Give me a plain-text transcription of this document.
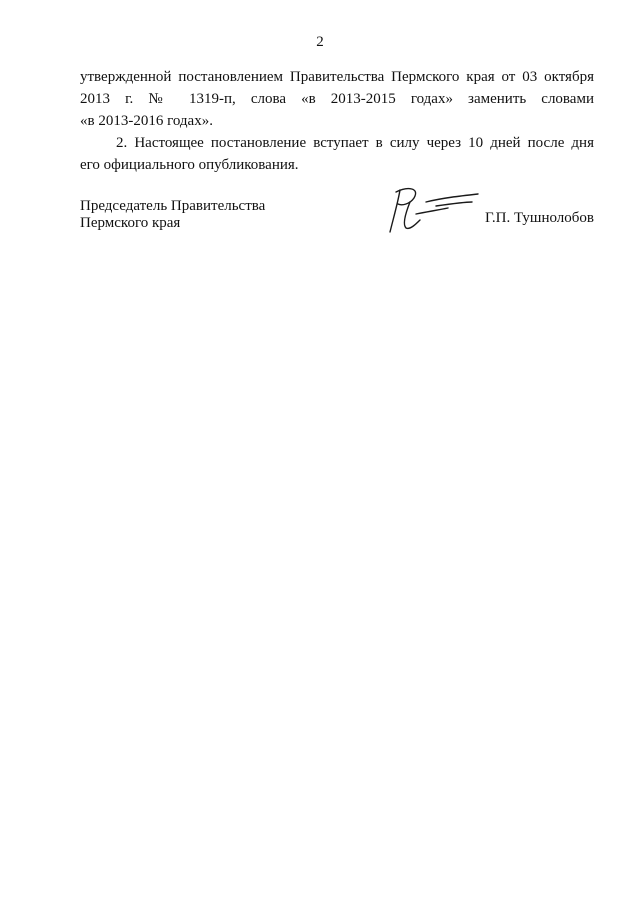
2

утвержденной постановлением Правительства Пермского края от 03 октября
2013 г. № 1319-п, слова «в 2013-2015 годах» заменить словами
«в 2013-2016 годах».

2. Настоящее постановление вступает в силу через 10 дней после дня
его официального опубликования.

Председатель Правительства
Пермского края	Г.П. Тушнолобов
